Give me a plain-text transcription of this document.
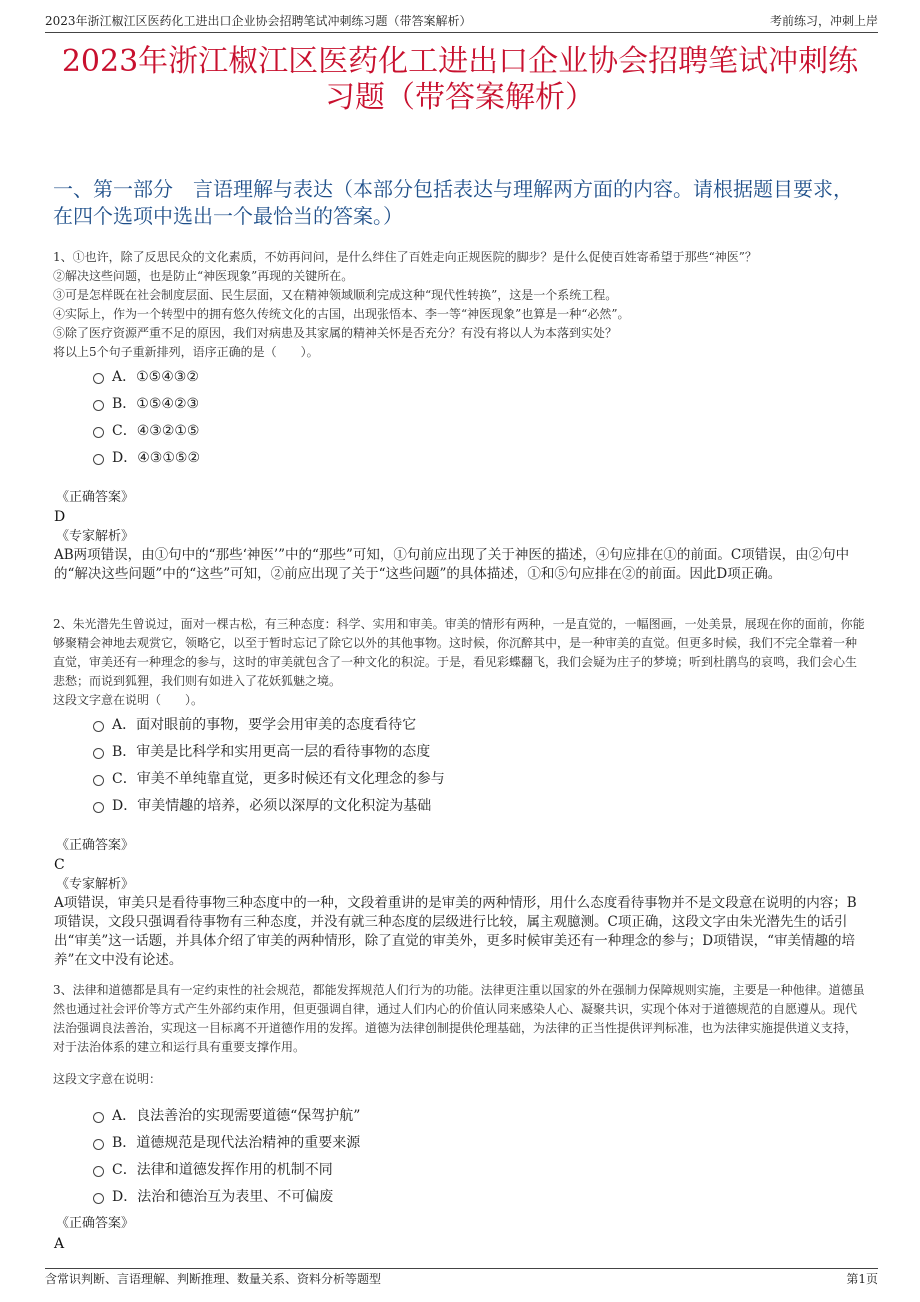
2023年浙江椒江区医药化工进出口企业协会招聘笔试冲刺练习题（带答案解析）	考前练习，冲刺上岸
2023年浙江椒江区医药化工进出口企业协会招聘笔试冲刺练习题（带答案解析）
一、第一部分　言语理解与表达（本部分包括表达与理解两方面的内容。请根据题目要求，在四个选项中选出一个最恰当的答案。）

1、①也许，除了反思民众的文化素质，不妨再问问，是什么绊住了百姓走向正规医院的脚步？是什么促使百姓寄希望于那些“神医”？

②解决这些问题，也是防止“神医现象”再现的关键所在。

③可是怎样既在社会制度层面、民生层面，又在精神领域顺利完成这种“现代性转换”，这是一个系统工程。

④实际上，作为一个转型中的拥有悠久传统文化的古国，出现张悟本、李一等“神医现象”也算是一种“必然”。

⑤除了医疗资源严重不足的原因，我们对病患及其家属的精神关怀是否充分？有没有将以人为本落到实处？

将以上5个句子重新排列，语序正确的是（　　）。

A．①⑤④③②
B．①⑤④②③
C．④③②①⑤
D．④③①⑤②
《正确答案》
D
《专家解析》
AB两项错误，由①句中的“那些‘神医’”中的“那些”可知，①句前应出现了关于神医的描述，④句应排在①的前面。C项错误，由②句中的“解决这些问题”中的“这些”可知，②前应出现了关于“这些问题”的具体描述，①和⑤句应排在②的前面。因此D项正确。

2、朱光潜先生曾说过，面对一棵古松，有三种态度：科学、实用和审美。审美的情形有两种，一是直觉的，一幅图画，一处美景，展现在你的面前，你能够聚精会神地去观赏它，领略它，以至于暂时忘记了除它以外的其他事物。这时候，你沉醉其中，是一种审美的直觉。但更多时候，我们不完全靠着一种直觉，审美还有一种理念的参与，这时的审美就包含了一种文化的积淀。于是，看见彩蝶翻飞，我们会疑为庄子的梦境；听到杜鹃鸟的哀鸣，我们会心生悲愁；而说到狐狸，我们则有如进入了花妖狐魅之境。

这段文字意在说明（　　）。

A．面对眼前的事物，要学会用审美的态度看待它
B．审美是比科学和实用更高一层的看待事物的态度
C．审美不单纯靠直觉，更多时候还有文化理念的参与
D．审美情趣的培养，必须以深厚的文化积淀为基础
《正确答案》
C
《专家解析》
A项错误，审美只是看待事物三种态度中的一种，文段着重讲的是审美的两种情形，用什么态度看待事物并不是文段意在说明的内容；B项错误，文段只强调看待事物有三种态度，并没有就三种态度的层级进行比较，属主观臆测。C项正确，这段文字由朱光潜先生的话引出“审美”这一话题，并具体介绍了审美的两种情形，除了直觉的审美外，更多时候审美还有一种理念的参与；D项错误，“审美情趣的培养”在文中没有论述。

3、法律和道德都是具有一定约束性的社会规范，都能发挥规范人们行为的功能。法律更注重以国家的外在强制力保障规则实施，主要是一种他律。道德虽然也通过社会评价等方式产生外部约束作用，但更强调自律，通过人们内心的价值认同来感染人心、凝聚共识，实现个体对于道德规范的自愿遵从。现代法治强调良法善治，实现这一目标离不开道德作用的发挥。道德为法律创制提供伦理基础，为法律的正当性提供评判标准，也为法律实施提供道义支持，对于法治体系的建立和运行具有重要支撑作用。

这段文字意在说明：

A．良法善治的实现需要道德“保驾护航”
B．道德规范是现代法治精神的重要来源
C．法律和道德发挥作用的机制不同
D．法治和德治互为表里、不可偏废
《正确答案》
A
含常识判断、言语理解、判断推理、数量关系、资料分析等题型	第1页
